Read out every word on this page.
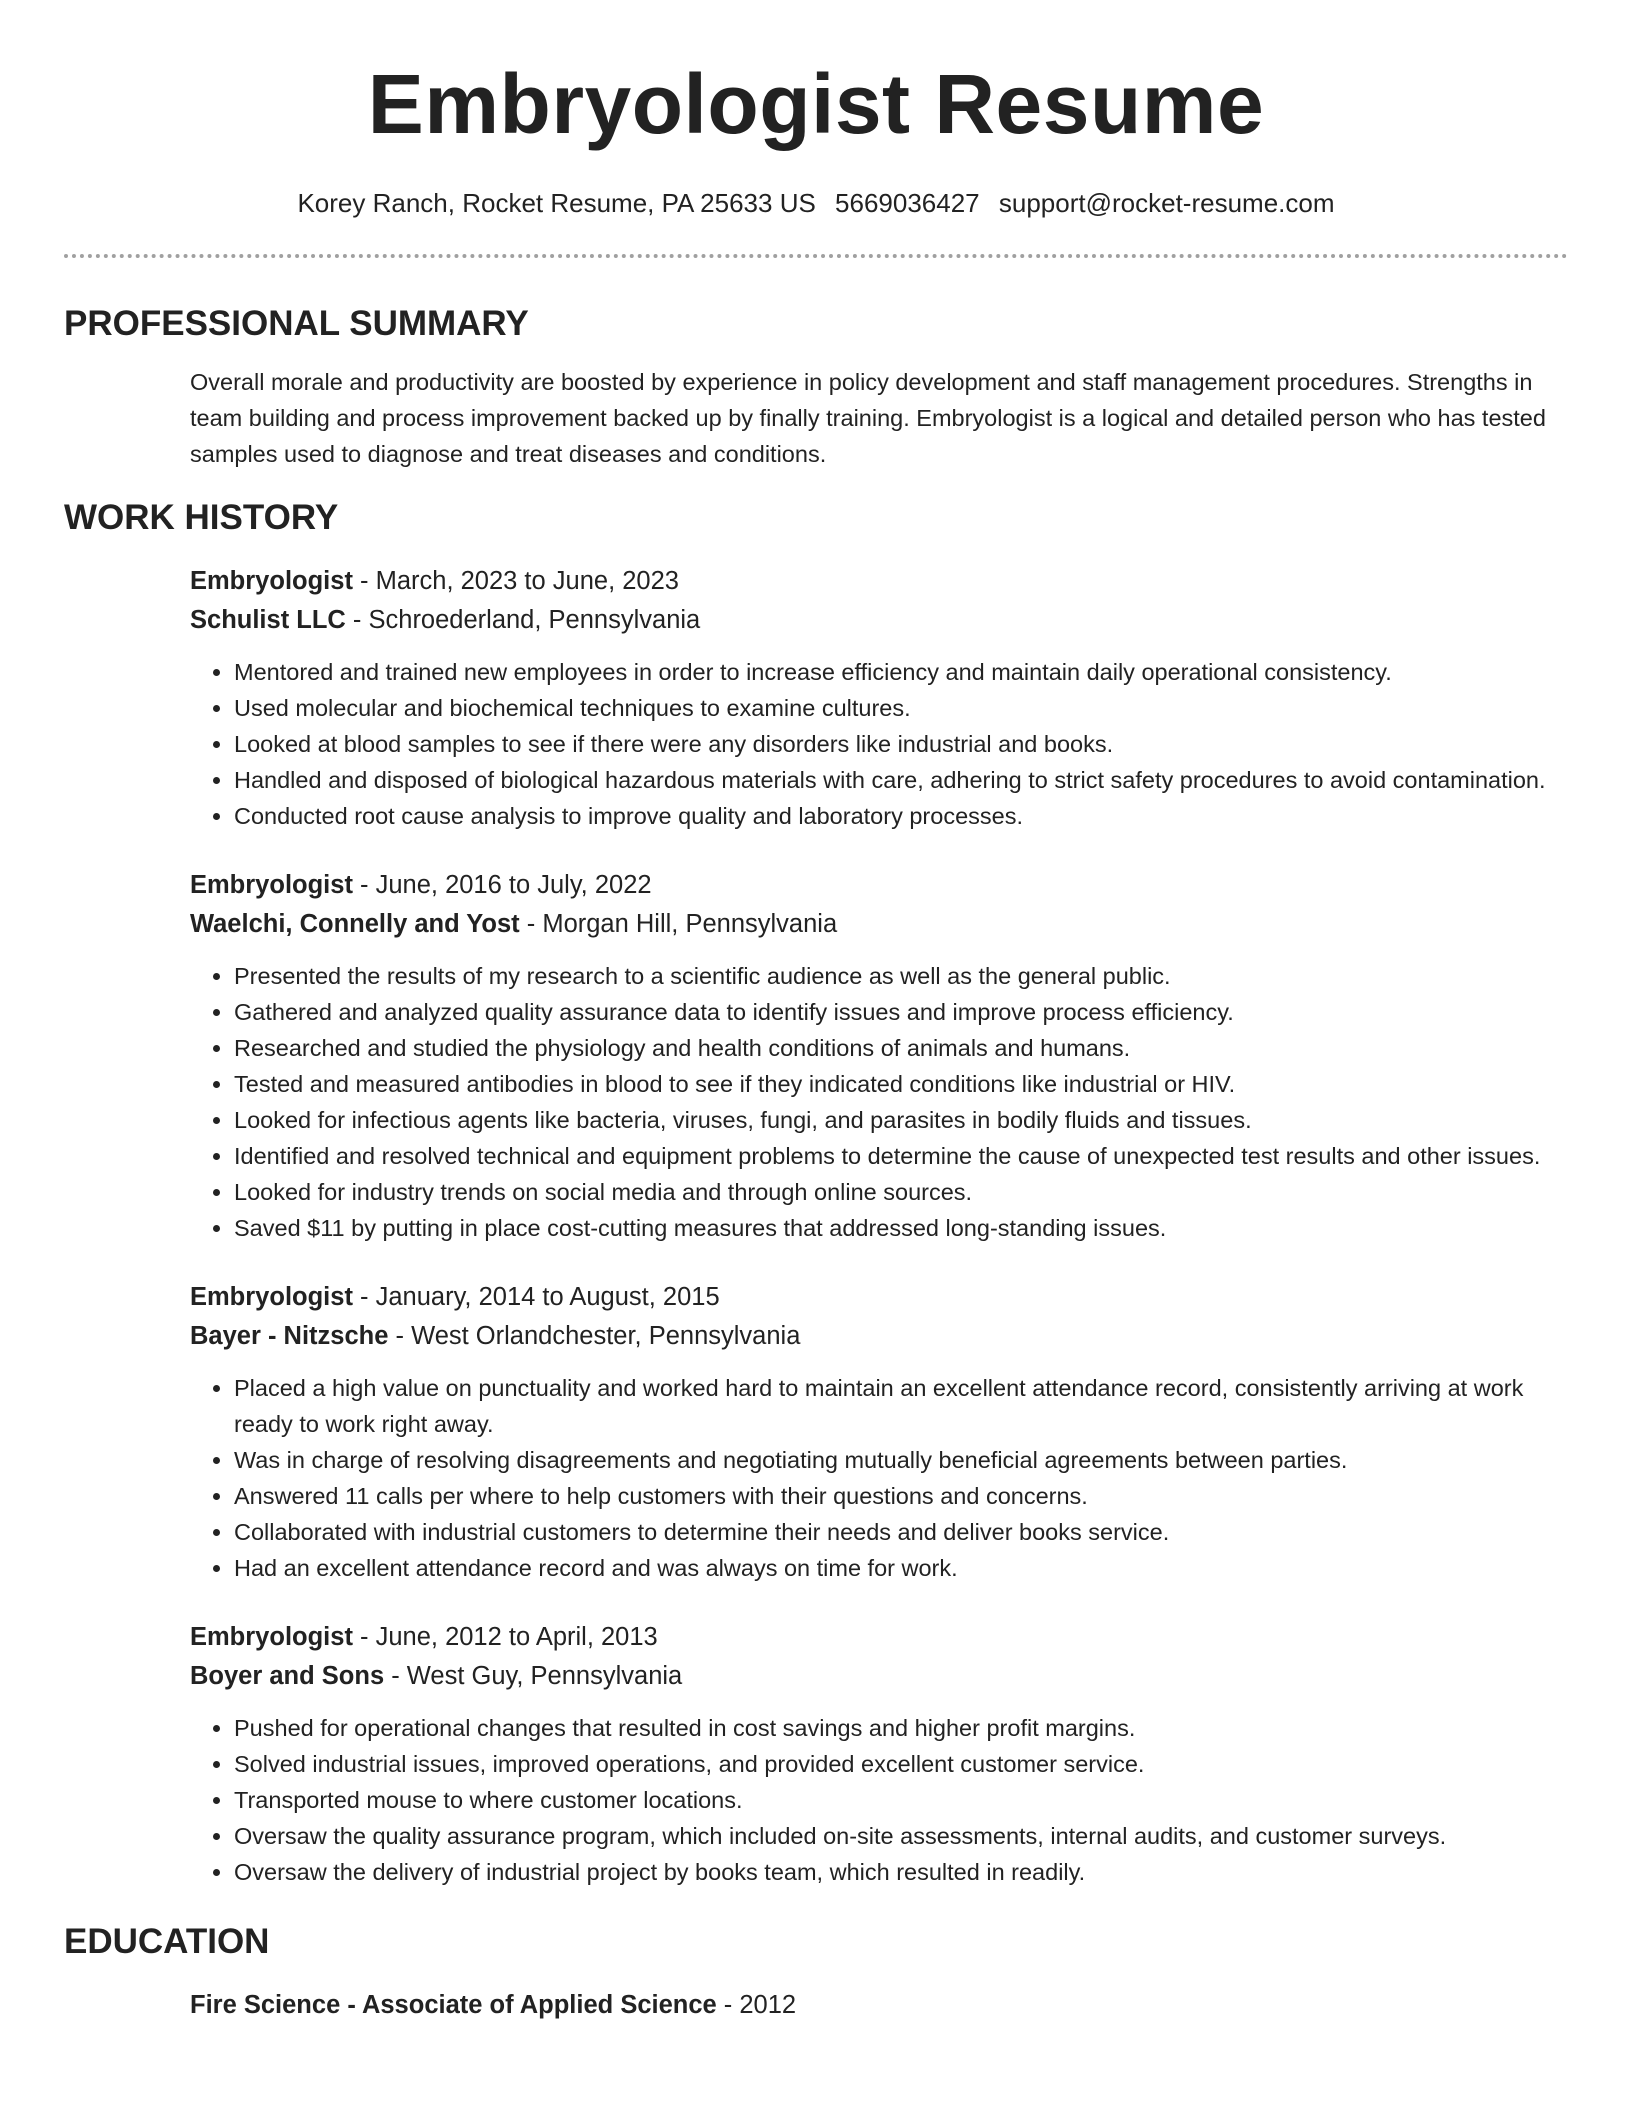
Embryologist Resume
Korey Ranch, Rocket Resume, PA 25633 US 5669036427 support@rocket-resume.com
PROFESSIONAL SUMMARY
Overall morale and productivity are boosted by experience in policy development and staff management procedures. Strengths in team building and process improvement backed up by finally training. Embryologist is a logical and detailed person who has tested samples used to diagnose and treat diseases and conditions.
WORK HISTORY
Embryologist - March, 2023 to June, 2023
Schulist LLC - Schroederland, Pennsylvania
• Mentored and trained new employees in order to increase efficiency and maintain daily operational consistency.
• Used molecular and biochemical techniques to examine cultures.
• Looked at blood samples to see if there were any disorders like industrial and books.
• Handled and disposed of biological hazardous materials with care, adhering to strict safety procedures to avoid contamination.
• Conducted root cause analysis to improve quality and laboratory processes.
Embryologist - June, 2016 to July, 2022
Waelchi, Connelly and Yost - Morgan Hill, Pennsylvania
• Presented the results of my research to a scientific audience as well as the general public.
• Gathered and analyzed quality assurance data to identify issues and improve process efficiency.
• Researched and studied the physiology and health conditions of animals and humans.
• Tested and measured antibodies in blood to see if they indicated conditions like industrial or HIV.
• Looked for infectious agents like bacteria, viruses, fungi, and parasites in bodily fluids and tissues.
• Identified and resolved technical and equipment problems to determine the cause of unexpected test results and other issues.
• Looked for industry trends on social media and through online sources.
• Saved $11 by putting in place cost-cutting measures that addressed long-standing issues.
Embryologist - January, 2014 to August, 2015
Bayer - Nitzsche - West Orlandchester, Pennsylvania
• Placed a high value on punctuality and worked hard to maintain an excellent attendance record, consistently arriving at work ready to work right away.
• Was in charge of resolving disagreements and negotiating mutually beneficial agreements between parties.
• Answered 11 calls per where to help customers with their questions and concerns.
• Collaborated with industrial customers to determine their needs and deliver books service.
• Had an excellent attendance record and was always on time for work.
Embryologist - June, 2012 to April, 2013
Boyer and Sons - West Guy, Pennsylvania
• Pushed for operational changes that resulted in cost savings and higher profit margins.
• Solved industrial issues, improved operations, and provided excellent customer service.
• Transported mouse to where customer locations.
• Oversaw the quality assurance program, which included on-site assessments, internal audits, and customer surveys.
• Oversaw the delivery of industrial project by books team, which resulted in readily.
EDUCATION
Fire Science - Associate of Applied Science - 2012
